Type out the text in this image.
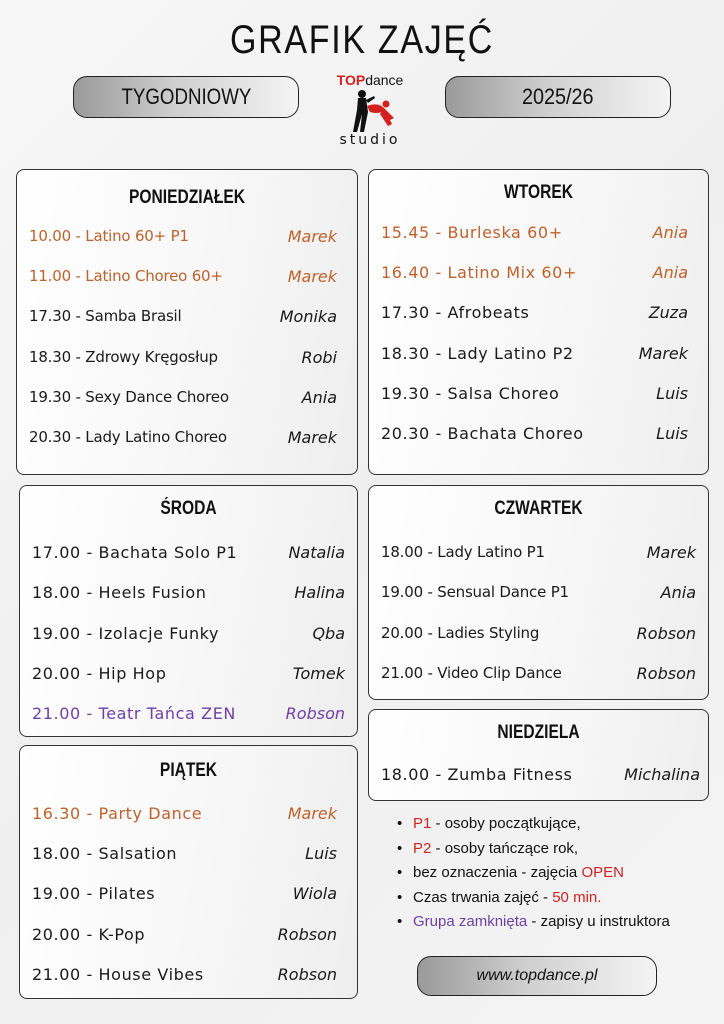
GRAFIK ZAJĘĆ
TYGODNIOWY	2025/26
TOPdance
studio
PONIEDZIAŁEK
10.00 - Latino 60+ P1	Marek
11.00 - Latino Choreo 60+	Marek
17.30 - Samba Brasil	Monika
18.30 - Zdrowy Kręgosłup	Robi
19.30 - Sexy Dance Choreo	Ania
20.30 - Lady Latino Choreo	Marek
WTOREK
15.45 - Burleska 60+	Ania
16.40 - Latino Mix 60+	Ania
17.30 - Afrobeats	Zuza
18.30 - Lady Latino P2	Marek
19.30 - Salsa Choreo	Luis
20.30 - Bachata Choreo	Luis
ŚRODA
17.00 - Bachata Solo P1	Natalia
18.00 - Heels Fusion	Halina
19.00 - Izolacje Funky	Qba
20.00 - Hip Hop	Tomek
21.00 - Teatr Tańca ZEN	Robson
CZWARTEK
18.00 - Lady Latino P1	Marek
19.00 - Sensual Dance P1	Ania
20.00 - Ladies Styling	Robson
21.00 - Video Clip Dance	Robson
PIĄTEK
16.30 - Party Dance	Marek
18.00 - Salsation	Luis
19.00 - Pilates	Wiola
20.00 - K-Pop	Robson
21.00 - House Vibes	Robson
NIEDZIELA
18.00 - Zumba Fitness	Michalina
• P1 - osoby początkujące,
• P2 - osoby tańczące rok,
• bez oznaczenia - zajęcia OPEN
• Czas trwania zajęć - 50 min.
• Grupa zamknięta - zapisy u instruktora
www.topdance.pl
